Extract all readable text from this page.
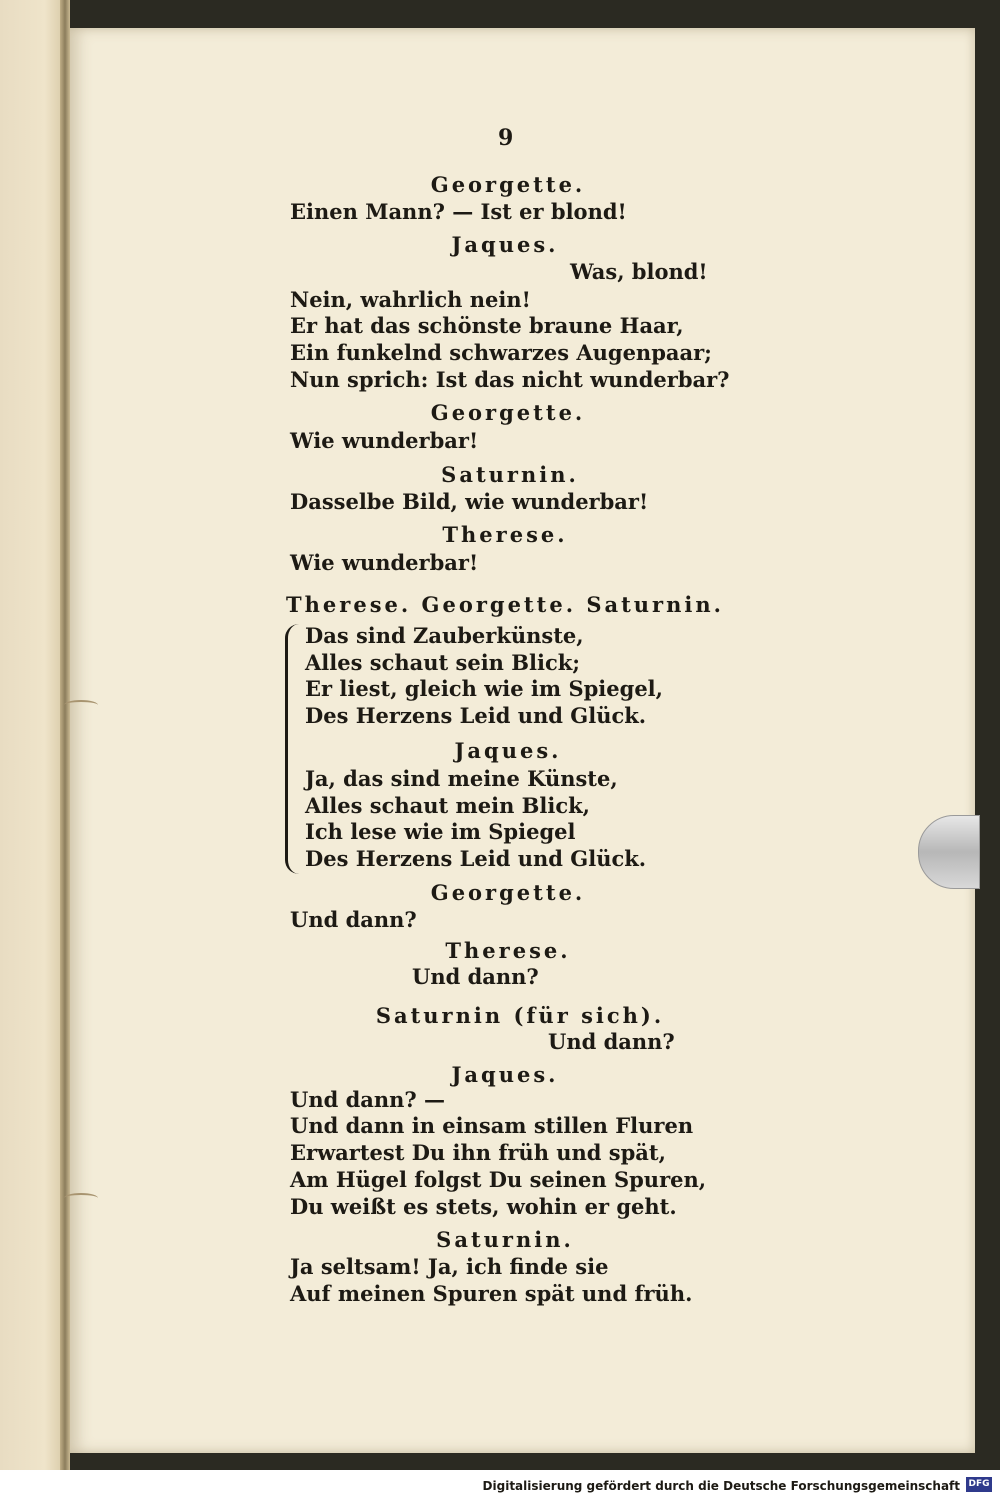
9
Georgette.
Einen Mann? — Ist er blond!
Jaques.
Was, blond!
Nein, wahrlich nein!
Er hat das schönste braune Haar,
Ein funkelnd schwarzes Augenpaar;
Nun sprich: Ist das nicht wunderbar?
Georgette.
Wie wunderbar!
Saturnin.
Dasselbe Bild, wie wunderbar!
Therese.
Wie wunderbar!
Therese. Georgette. Saturnin.
Das sind Zauberkünste,
Alles schaut sein Blick;
Er liest, gleich wie im Spiegel,
Des Herzens Leid und Glück.
Jaques.
Ja, das sind meine Künste,
Alles schaut mein Blick,
Ich lese wie im Spiegel
Des Herzens Leid und Glück.
Georgette.
Und dann?
Therese.
Und dann?
Saturnin (für sich).
Und dann?
Jaques.
Und dann? —
Und dann in einsam stillen Fluren
Erwartest Du ihn früh und spät,
Am Hügel folgst Du seinen Spuren,
Du weißt es stets, wohin er geht.
Saturnin.
Ja seltsam! Ja, ich finde sie
Auf meinen Spuren spät und früh.
Digitalisierung gefördert durch die Deutsche Forschungsgemeinschaft DFG
